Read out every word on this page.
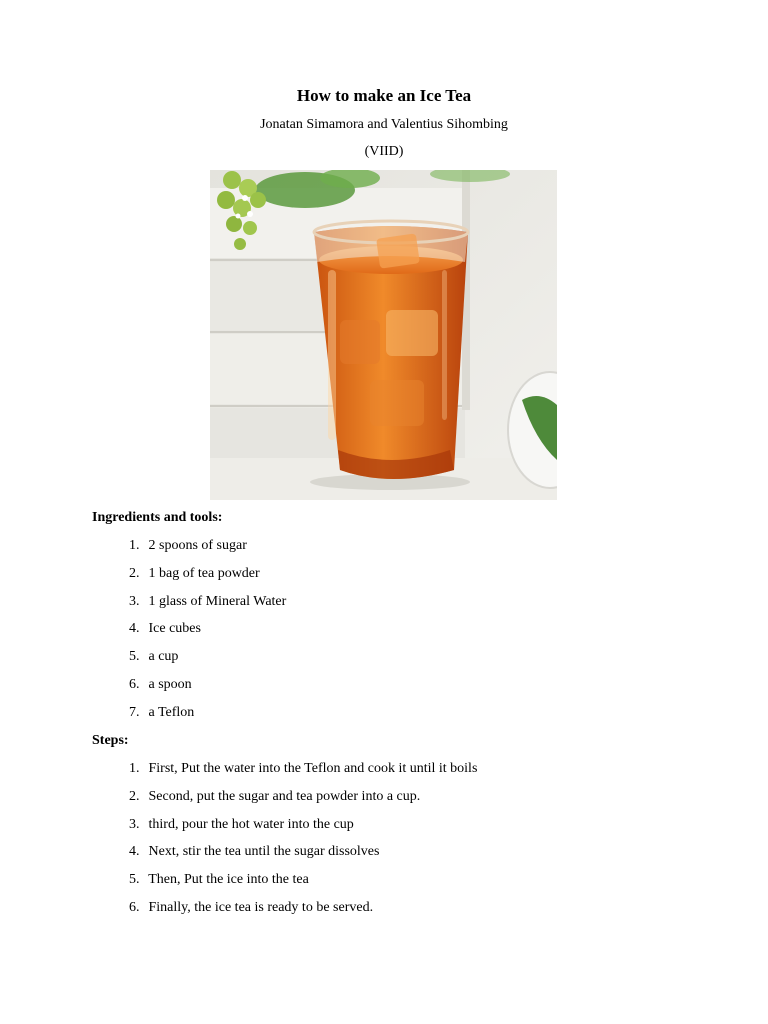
How to make an Ice Tea
Jonatan Simamora and Valentius Sihombing
(VIID)
Ingredients and tools:
1. 2 spoons of sugar
2. 1 bag of tea powder
3. 1 glass of Mineral Water
4. Ice cubes
5. a cup
6. a spoon
7. a Teflon
Steps:
1. First, Put the water into the Teflon and cook it until it boils
2. Second, put the sugar and tea powder into a cup.
3. third, pour the hot water into the cup
4. Next, stir the tea until the sugar dissolves
5. Then, Put the ice into the tea
6. Finally, the ice tea is ready to be served.
